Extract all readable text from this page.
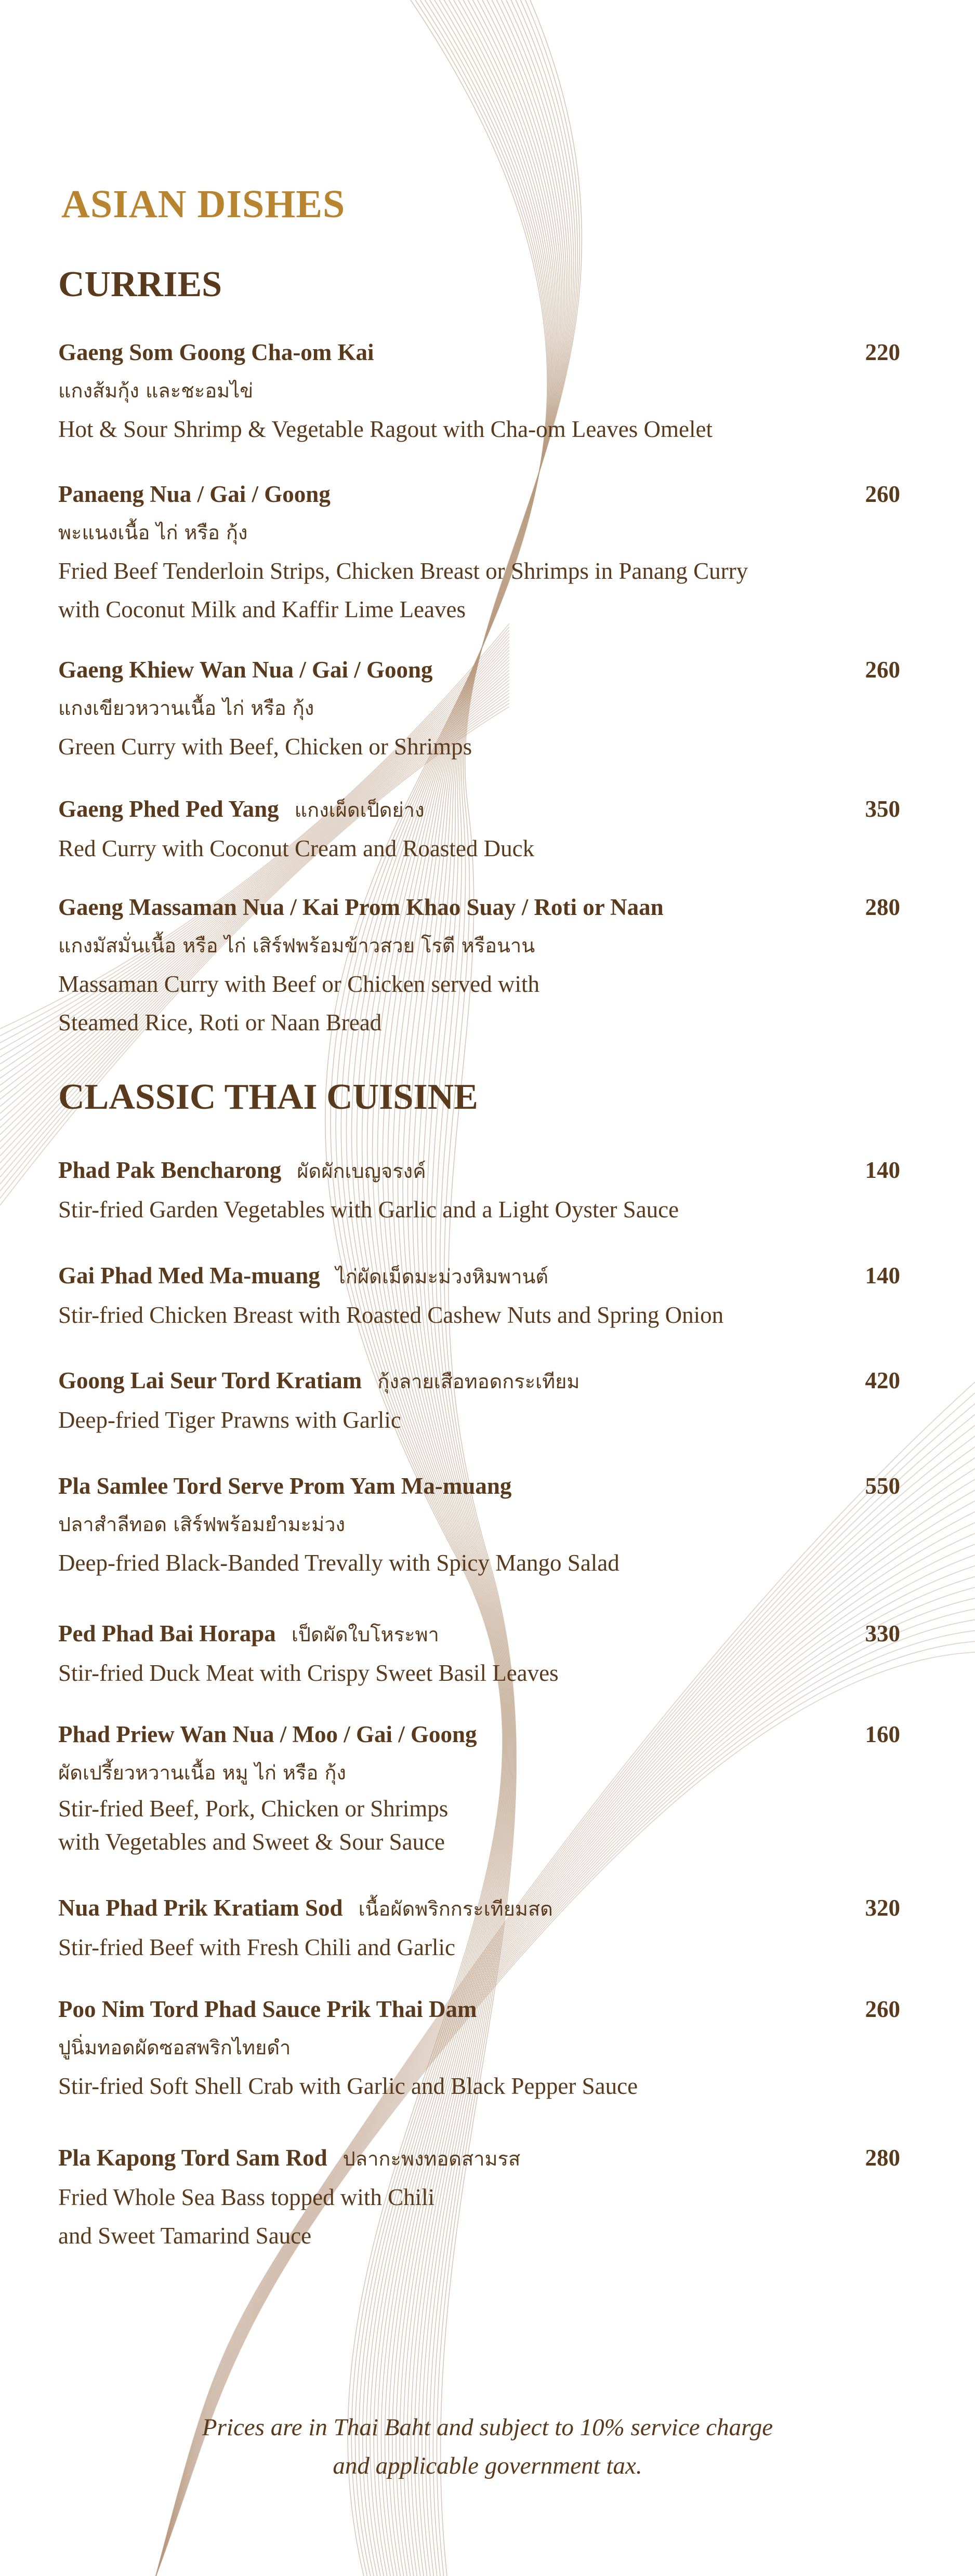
ASIAN DISHES
CURRIES
Gaeng Som Goong Cha-om Kai
แกงส้มกุ้ง และชะอมไข่
Hot & Sour Shrimp & Vegetable Ragout with Cha-om Leaves Omelet
220
Panaeng Nua / Gai / Goong
พะแนงเนื้อ ไก่ หรือ กุ้ง
Fried Beef Tenderloin Strips, Chicken Breast or Shrimps in Panang Curry
with Coconut Milk and Kaffir Lime Leaves
260
Gaeng Khiew Wan Nua / Gai / Goong
แกงเขียวหวานเนื้อ ไก่ หรือ กุ้ง
Green Curry with Beef, Chicken or Shrimps
260
Gaeng Phed Ped Yang แกงเผ็ดเป็ดย่าง
Red Curry with Coconut Cream and Roasted Duck
350
Gaeng Massaman Nua / Kai Prom Khao Suay / Roti or Naan
แกงมัสมั่นเนื้อ หรือ ไก่ เสิร์ฟพร้อมข้าวสวย โรตี หรือนาน
Massaman Curry with Beef or Chicken served with
Steamed Rice, Roti or Naan Bread
280
CLASSIC THAI CUISINE
Phad Pak Bencharong ผัดผักเบญจรงค์
Stir-fried Garden Vegetables with Garlic and a Light Oyster Sauce
140
Gai Phad Med Ma-muang ไก่ผัดเม็ดมะม่วงหิมพานต์
Stir-fried Chicken Breast with Roasted Cashew Nuts and Spring Onion
140
Goong Lai Seur Tord Kratiam กุ้งลายเสือทอดกระเทียม
Deep-fried Tiger Prawns with Garlic
420
Pla Samlee Tord Serve Prom Yam Ma-muang
ปลาสำลีทอด เสิร์ฟพร้อมยำมะม่วง
Deep-fried Black-Banded Trevally with Spicy Mango Salad
550
Ped Phad Bai Horapa เป็ดผัดใบโหระพา
Stir-fried Duck Meat with Crispy Sweet Basil Leaves
330
Phad Priew Wan Nua / Moo / Gai / Goong
ผัดเปรี้ยวหวานเนื้อ หมู ไก่ หรือ กุ้ง
Stir-fried Beef, Pork, Chicken or Shrimps
with Vegetables and Sweet & Sour Sauce
160
Nua Phad Prik Kratiam Sod เนื้อผัดพริกกระเทียมสด
Stir-fried Beef with Fresh Chili and Garlic
320
Poo Nim Tord Phad Sauce Prik Thai Dam
ปูนิ่มทอดผัดซอสพริกไทยดำ
Stir-fried Soft Shell Crab with Garlic and Black Pepper Sauce
260
Pla Kapong Tord Sam Rod ปลากะพงทอดสามรส
Fried Whole Sea Bass topped with Chili
and Sweet Tamarind Sauce
280
Prices are in Thai Baht and subject to 10% service charge
and applicable government tax.
